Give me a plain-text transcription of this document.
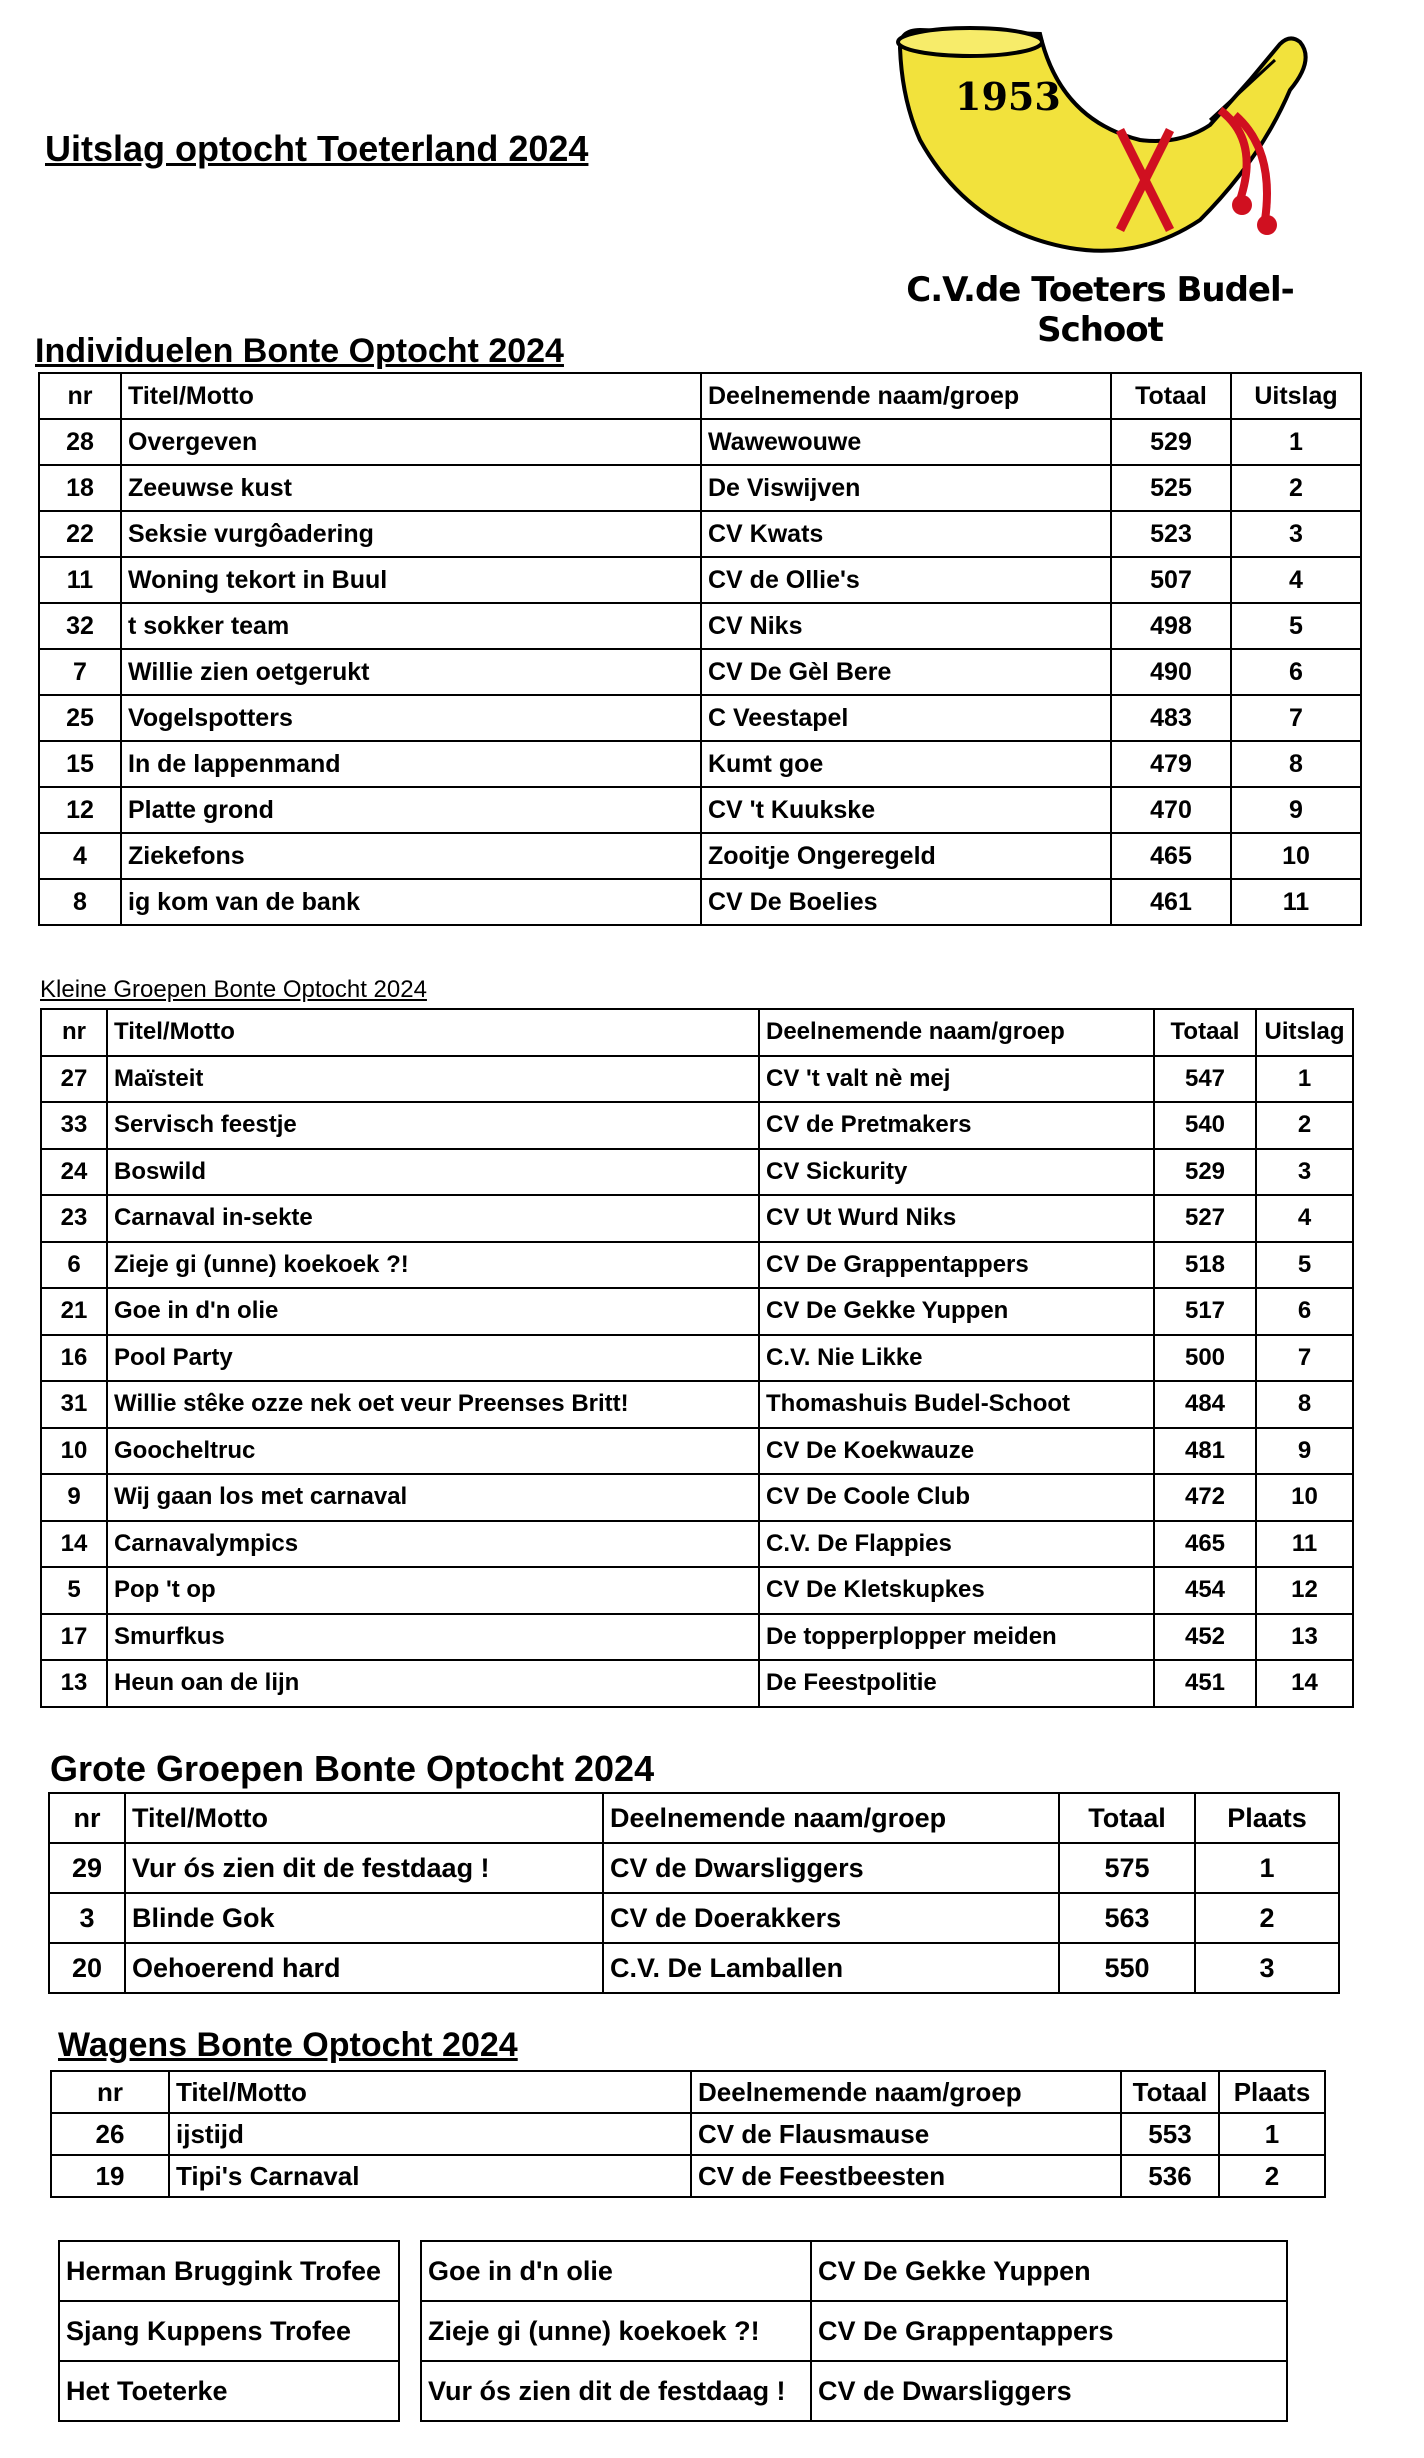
Uitslag optocht Toeterland 2024
1953
C.V.de Toeters Budel-Schoot
Individuelen Bonte Optocht 2024
nr	Titel/Motto	Deelnemende naam/groep	Totaal	Uitslag
28	Overgeven	Wawewouwe	529	1
18	Zeeuwse kust	De Viswijven	525	2
22	Seksie vurgôadering	CV Kwats	523	3
11	Woning tekort in Buul	CV de Ollie's	507	4
32	t sokker team	CV Niks	498	5
7	Willie zien oetgerukt	CV De Gèl Bere	490	6
25	Vogelspotters	C Veestapel	483	7
15	In de lappenmand	Kumt goe	479	8
12	Platte grond	CV 't Kuukske	470	9
4	Ziekefons	Zooitje Ongeregeld	465	10
8	ig kom van de bank	CV De Boelies	461	11
Kleine Groepen Bonte Optocht 2024
nr	Titel/Motto	Deelnemende naam/groep	Totaal	Uitslag
27	Maïsteit	CV 't valt nè mej	547	1
33	Servisch feestje	CV de Pretmakers	540	2
24	Boswild	CV Sickurity	529	3
23	Carnaval in-sekte	CV Ut Wurd Niks	527	4
6	Zieje gi (unne) koekoek ?!	CV De Grappentappers	518	5
21	Goe in d'n olie	CV De Gekke Yuppen	517	6
16	Pool Party	C.V. Nie Likke	500	7
31	Willie stêke ozze nek oet veur Preenses Britt!	Thomashuis Budel-Schoot	484	8
10	Goocheltruc	CV De Koekwauze	481	9
9	Wij gaan los met carnaval	CV De Coole Club	472	10
14	Carnavalympics	C.V. De Flappies	465	11
5	Pop 't op	CV De Kletskupkes	454	12
17	Smurfkus	De topperplopper meiden	452	13
13	Heun oan de lijn	De Feestpolitie	451	14
Grote Groepen Bonte Optocht 2024
nr	Titel/Motto	Deelnemende naam/groep	Totaal	Plaats
29	Vur ós zien dit de festdaag !	CV de Dwarsliggers	575	1
3	Blinde Gok	CV de Doerakkers	563	2
20	Oehoerend hard	C.V. De Lamballen	550	3
Wagens Bonte Optocht 2024
nr	Titel/Motto	Deelnemende naam/groep	Totaal	Plaats
26	ijstijd	CV de Flausmause	553	1
19	Tipi's Carnaval	CV de Feestbeesten	536	2
Herman Bruggink Trofee		Goe in d'n olie	CV De Gekke Yuppen
Sjang Kuppens Trofee		Zieje gi (unne) koekoek ?!	CV De Grappentappers
Het Toeterke		Vur ós zien dit de festdaag !	CV de Dwarsliggers
